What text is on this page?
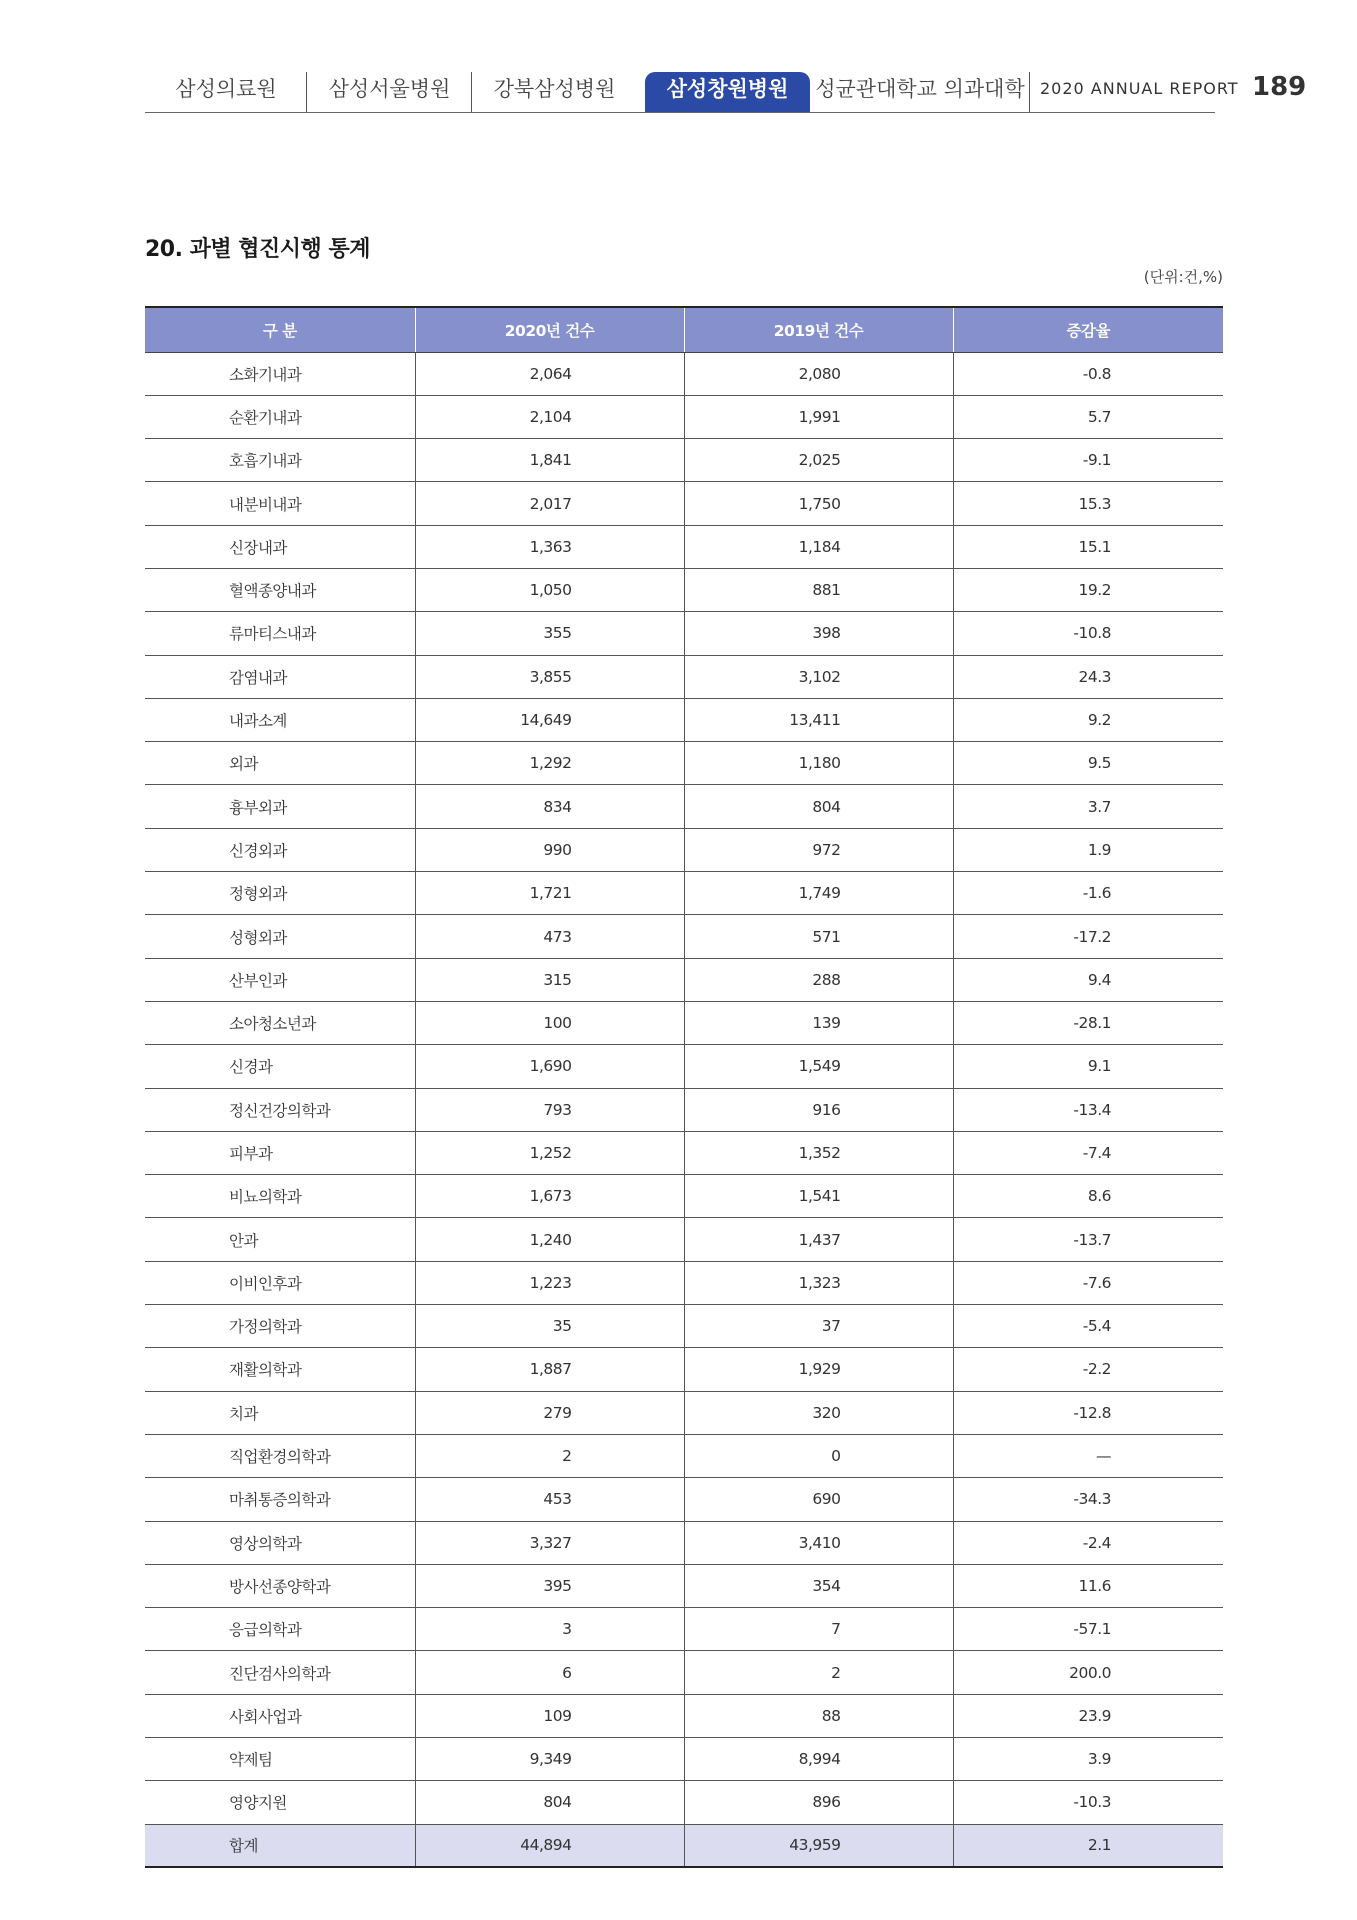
삼성의료원	삼성서울병원	강북삼성병원	삼성창원병원	성균관대학교 의과대학 2020 ANNUAL REPORT 189
20. 과별 협진시행 통계
(단위:건,%)
구 분	2020년 건수	2019년 건수	증감율
소화기내과	2,064	2,080	-0.8
순환기내과	2,104	1,991	5.7
호흡기내과	1,841	2,025	-9.1
내분비내과	2,017	1,750	15.3
신장내과	1,363	1,184	15.1
혈액종양내과	1,050	881	19.2
류마티스내과	355	398	-10.8
감염내과	3,855	3,102	24.3
내과소계	14,649	13,411	9.2
외과	1,292	1,180	9.5
흉부외과	834	804	3.7
신경외과	990	972	1.9
정형외과	1,721	1,749	-1.6
성형외과	473	571	-17.2
산부인과	315	288	9.4
소아청소년과	100	139	-28.1
신경과	1,690	1,549	9.1
정신건강의학과	793	916	-13.4
피부과	1,252	1,352	-7.4
비뇨의학과	1,673	1,541	8.6
안과	1,240	1,437	-13.7
이비인후과	1,223	1,323	-7.6
가정의학과	35	37	-5.4
재활의학과	1,887	1,929	-2.2
치과	279	320	-12.8
직업환경의학과	2	0	—
마취통증의학과	453	690	-34.3
영상의학과	3,327	3,410	-2.4
방사선종양학과	395	354	11.6
응급의학과	3	7	-57.1
진단검사의학과	6	2	200.0
사회사업과	109	88	23.9
약제팀	9,349	8,994	3.9
영양지원	804	896	-10.3
합계	44,894	43,959	2.1
